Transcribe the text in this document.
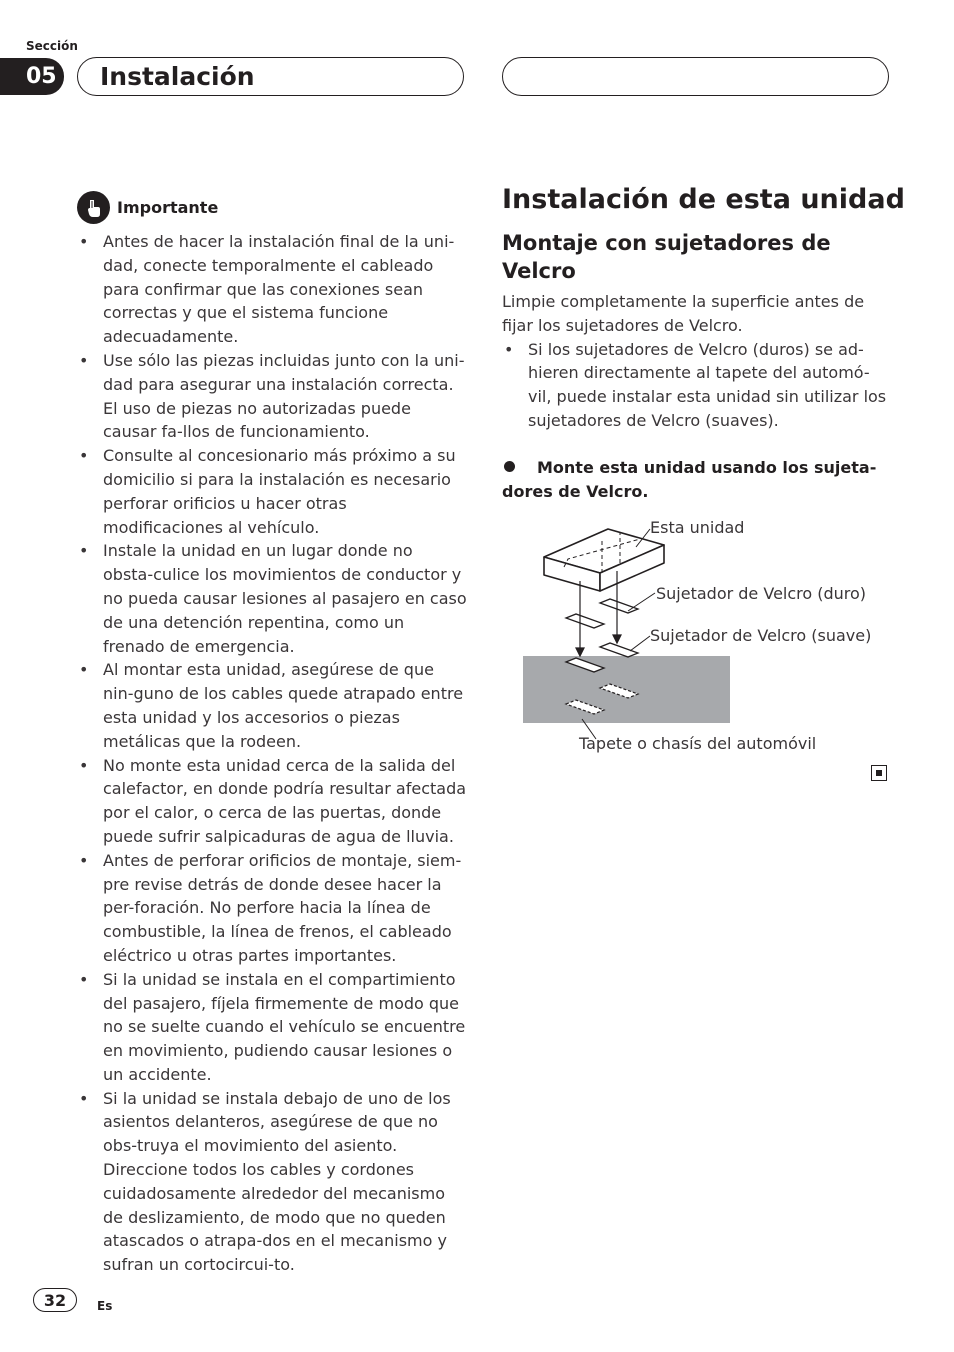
Sección
05	Instalación
Importante
• Antes de hacer la instalación final de la uni-dad, conecte temporalmente el cableado para confirmar que las conexiones sean correctas y que el sistema funcione adecuadamente.
• Use sólo las piezas incluidas junto con la uni-dad para asegurar una instalación correcta. El uso de piezas no autorizadas puede causar fa-llos de funcionamiento.
• Consulte al concesionario más próximo a su domicilio si para la instalación es necesario perforar orificios u hacer otras modificaciones al vehículo.
• Instale la unidad en un lugar donde no obsta-culice los movimientos de conductor y no pueda causar lesiones al pasajero en caso de una detención repentina, como un frenado de emergencia.
• Al montar esta unidad, asegúrese de que nin-guno de los cables quede atrapado entre esta unidad y los accesorios o piezas metálicas que la rodeen.
• No monte esta unidad cerca de la salida del calefactor, en donde podría resultar afectada por el calor, o cerca de las puertas, donde puede sufrir salpicaduras de agua de lluvia.
• Antes de perforar orificios de montaje, siem-pre revise detrás de donde desee hacer la per-foración. No perfore hacia la línea de combustible, la línea de frenos, el cableado eléctrico u otras partes importantes.
• Si la unidad se instala en el compartimiento del pasajero, fíjela firmemente de modo que no se suelte cuando el vehículo se encuentre en movimiento, pudiendo causar lesiones o un accidente.
• Si la unidad se instala debajo de uno de los asientos delanteros, asegúrese de que no obs-truya el movimiento del asiento. Direccione todos los cables y cordones cuidadosamente alrededor del mecanismo de deslizamiento, de modo que no queden atascados o atrapa-dos en el mecanismo y sufran un cortocircui-to.
Instalación de esta unidad
Montaje con sujetadores de Velcro
Limpie completamente la superficie antes de fijar los sujetadores de Velcro.
• Si los sujetadores de Velcro (duros) se ad-hieren directamente al tapete del automó-vil, puede instalar esta unidad sin utilizar los sujetadores de Velcro (suaves).
Monte esta unidad usando los sujeta-dores de Velcro.
Esta unidad
Sujetador de Velcro (duro)
Sujetador de Velcro (suave)
Tapete o chasís del automóvil
32	Es
